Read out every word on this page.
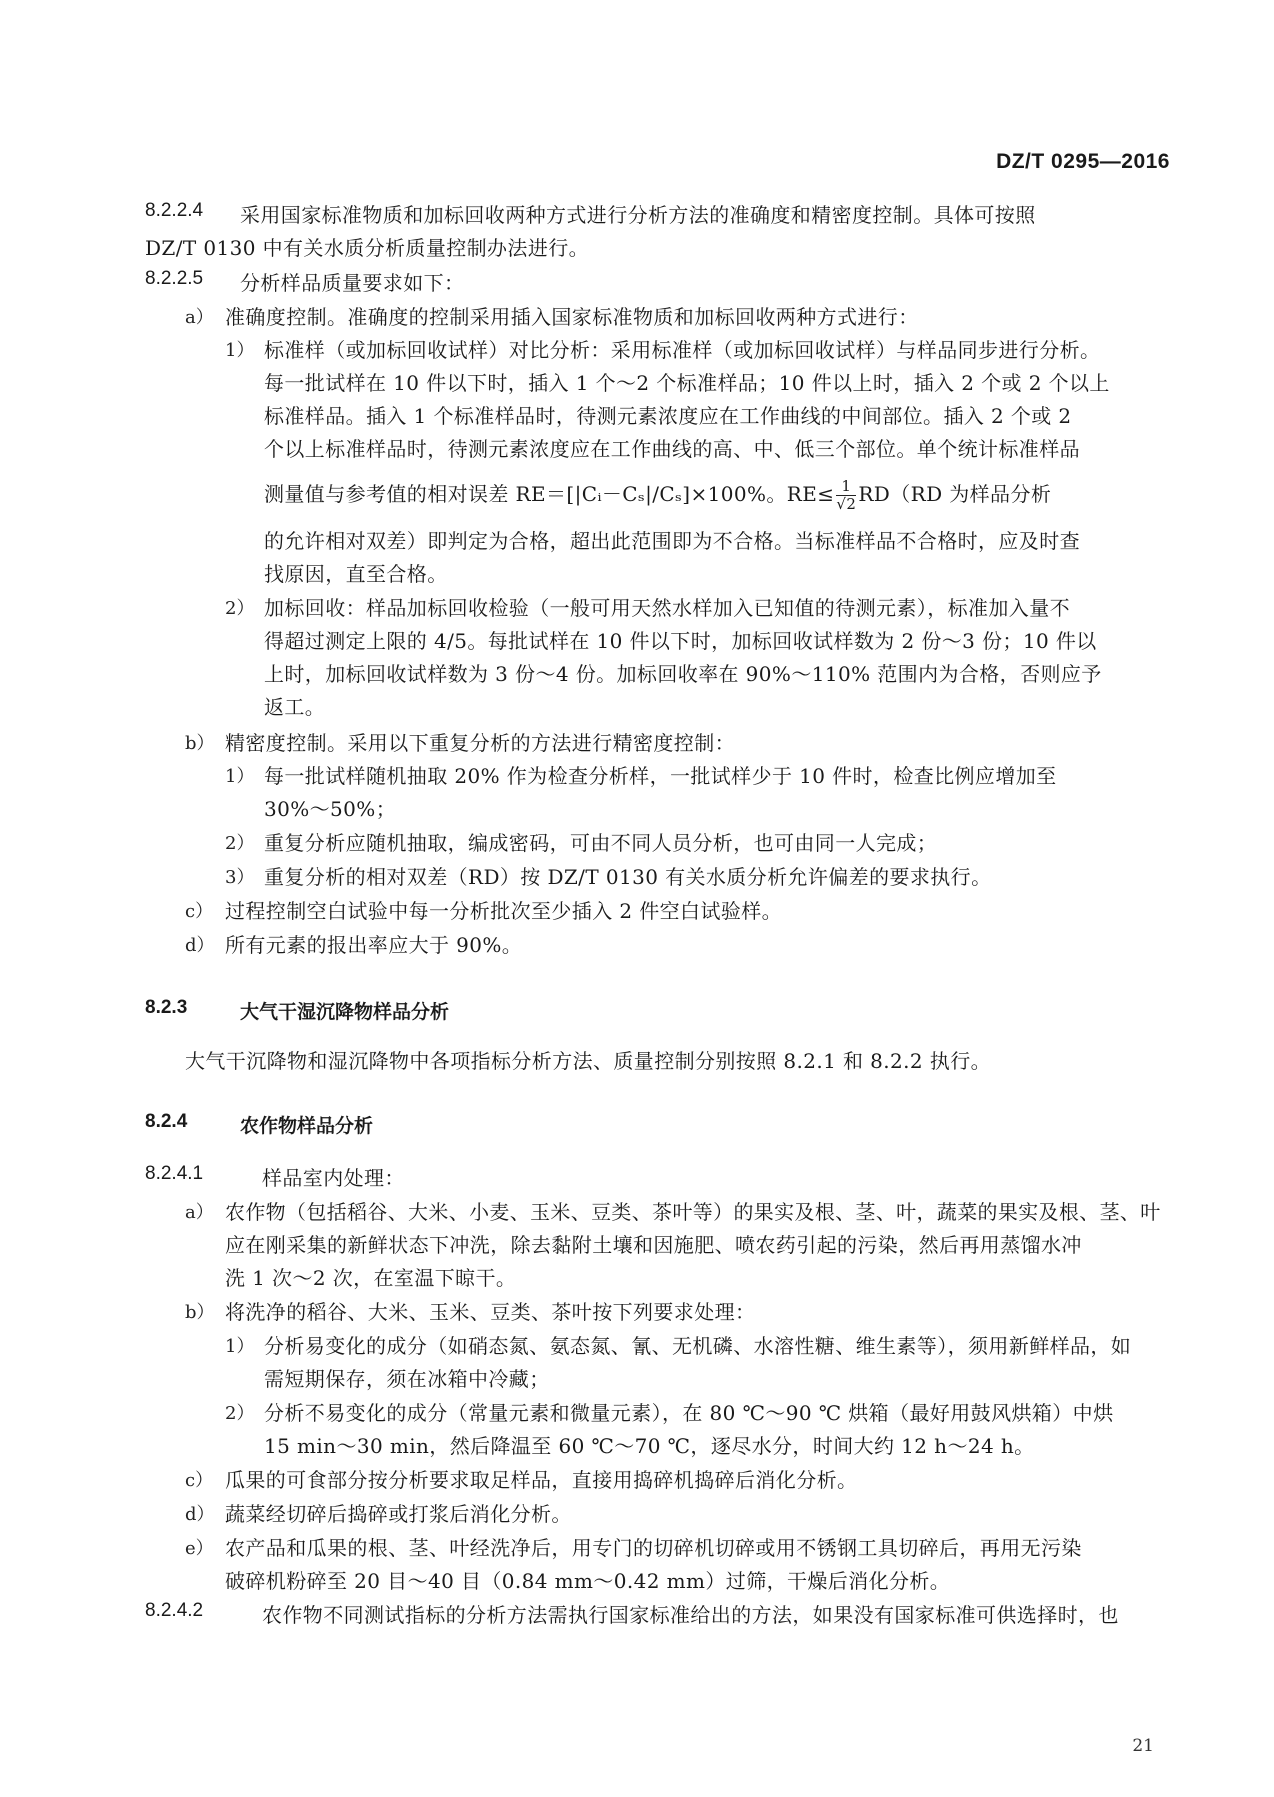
DZ/T 0295—2016
8.2.2.4 采用国家标准物质和加标回收两种方式进行分析方法的准确度和精密度控制。具体可按照
DZ/T 0130 中有关水质分析质量控制办法进行。
8.2.2.5 分析样品质量要求如下：
a） 准确度控制。准确度的控制采用插入国家标准物质和加标回收两种方式进行：
1） 标准样（或加标回收试样）对比分析：采用标准样（或加标回收试样）与样品同步进行分析。
每一批试样在 10 件以下时，插入 1 个～2 个标准样品；10 件以上时，插入 2 个或 2 个以上
标准样品。插入 1 个标准样品时，待测元素浓度应在工作曲线的中间部位。插入 2 个或 2
个以上标准样品时，待测元素浓度应在工作曲线的高、中、低三个部位。单个统计标准样品
测量值与参考值的相对误差 RE＝[|Cᵢ－Cₛ|/Cₛ]×100%。$RE\le \frac{1}{√2} RD(RD$ 为样品分析
的允许相对双差）即判定为合格，超出此范围即为不合格。当标准样品不合格时，应及时查
找原因，直至合格。
2） 加标回收：样品加标回收检验（一般可用天然水样加入已知值的待测元素），标准加入量不
得超过测定上限的 4/5。每批试样在 10 件以下时，加标回收试样数为 2 份～3 份；10 件以
上时，加标回收试样数为 3 份～4 份。加标回收率在 90%～110% 范围内为合格，否则应予
返工。
b） 精密度控制。采用以下重复分析的方法进行精密度控制：
1） 每一批试样随机抽取 20% 作为检查分析样，一批试样少于 10 件时，检查比例应增加至
30%～50%；
2） 重复分析应随机抽取，编成密码，可由不同人员分析，也可由同一人完成；
3） 重复分析的相对双差（RD）按 DZ/T 0130 有关水质分析允许偏差的要求执行。
c） 过程控制空白试验中每一分析批次至少插入 2 件空白试验样。
d） 所有元素的报出率应大于 90%。
8.2.3	大气干湿沉降物样品分析
大气干沉降物和湿沉降物中各项指标分析方法、质量控制分别按照 8.2.1 和 8.2.2 执行。
8.2.4	农作物样品分析
8.2.4.1	样品室内处理：
a） 农作物（包括稻谷、大米、小麦、玉米、豆类、茶叶等）的果实及根、茎、叶，蔬菜的果实及根、茎、叶
应在刚采集的新鲜状态下冲洗，除去黏附土壤和因施肥、喷农药引起的污染，然后再用蒸馏水冲
洗 1 次～2 次，在室温下晾干。
b） 将洗净的稻谷、大米、玉米、豆类、茶叶按下列要求处理：
1） 分析易变化的成分（如硝态氮、氨态氮、氰、无机磷、水溶性糖、维生素等），须用新鲜样品，如
需短期保存，须在冰箱中冷藏；
2） 分析不易变化的成分（常量元素和微量元素），在 80 ℃～90 ℃ 烘箱（最好用鼓风烘箱）中烘
15 min～30 min，然后降温至 60 ℃～70 ℃，逐尽水分，时间大约 12 h～24 h。
c） 瓜果的可食部分按分析要求取足样品，直接用捣碎机捣碎后消化分析。
d） 蔬菜经切碎后捣碎或打浆后消化分析。
e） 农产品和瓜果的根、茎、叶经洗净后，用专门的切碎机切碎或用不锈钢工具切碎后，再用无污染
破碎机粉碎至 20 目～40 目（0.84 mm～0.42 mm）过筛，干燥后消化分析。
8.2.4.2	农作物不同测试指标的分析方法需执行国家标准给出的方法，如果没有国家标准可供选择时，也
21
